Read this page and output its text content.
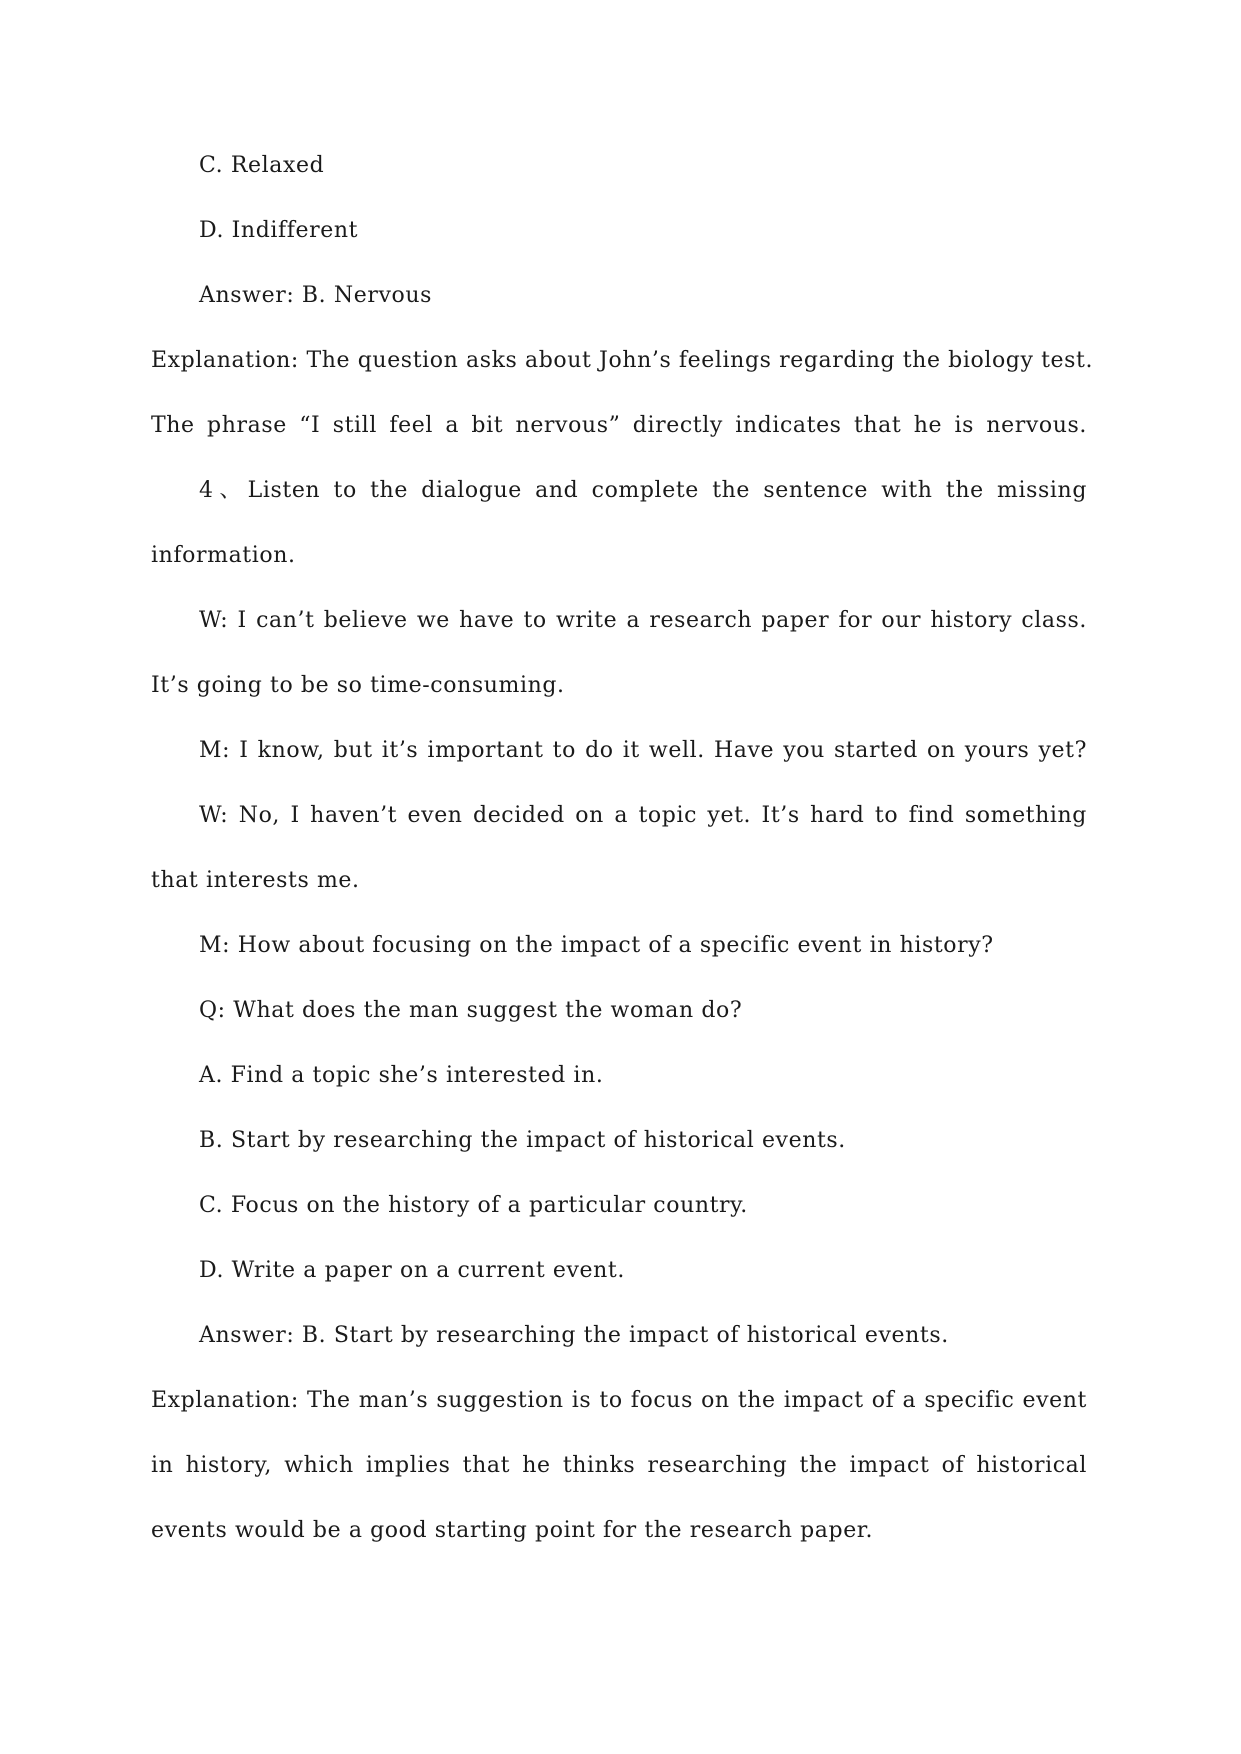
C. Relaxed
D. Indifferent
Answer: B. Nervous
Explanation: The question asks about John’s feelings regarding the biology test.
The phrase “I still feel a bit nervous” directly indicates that he is nervous.
4、Listen to the dialogue and complete the sentence with the missing
information.
W: I can’t believe we have to write a research paper for our history class.
It’s going to be so time-consuming.
M: I know, but it’s important to do it well. Have you started on yours yet?
W: No, I haven’t even decided on a topic yet. It’s hard to find something
that interests me.
M: How about focusing on the impact of a specific event in history?
Q: What does the man suggest the woman do?
A. Find a topic she’s interested in.
B. Start by researching the impact of historical events.
C. Focus on the history of a particular country.
D. Write a paper on a current event.
Answer: B. Start by researching the impact of historical events.
Explanation: The man’s suggestion is to focus on the impact of a specific event
in history, which implies that he thinks researching the impact of historical
events would be a good starting point for the research paper.
